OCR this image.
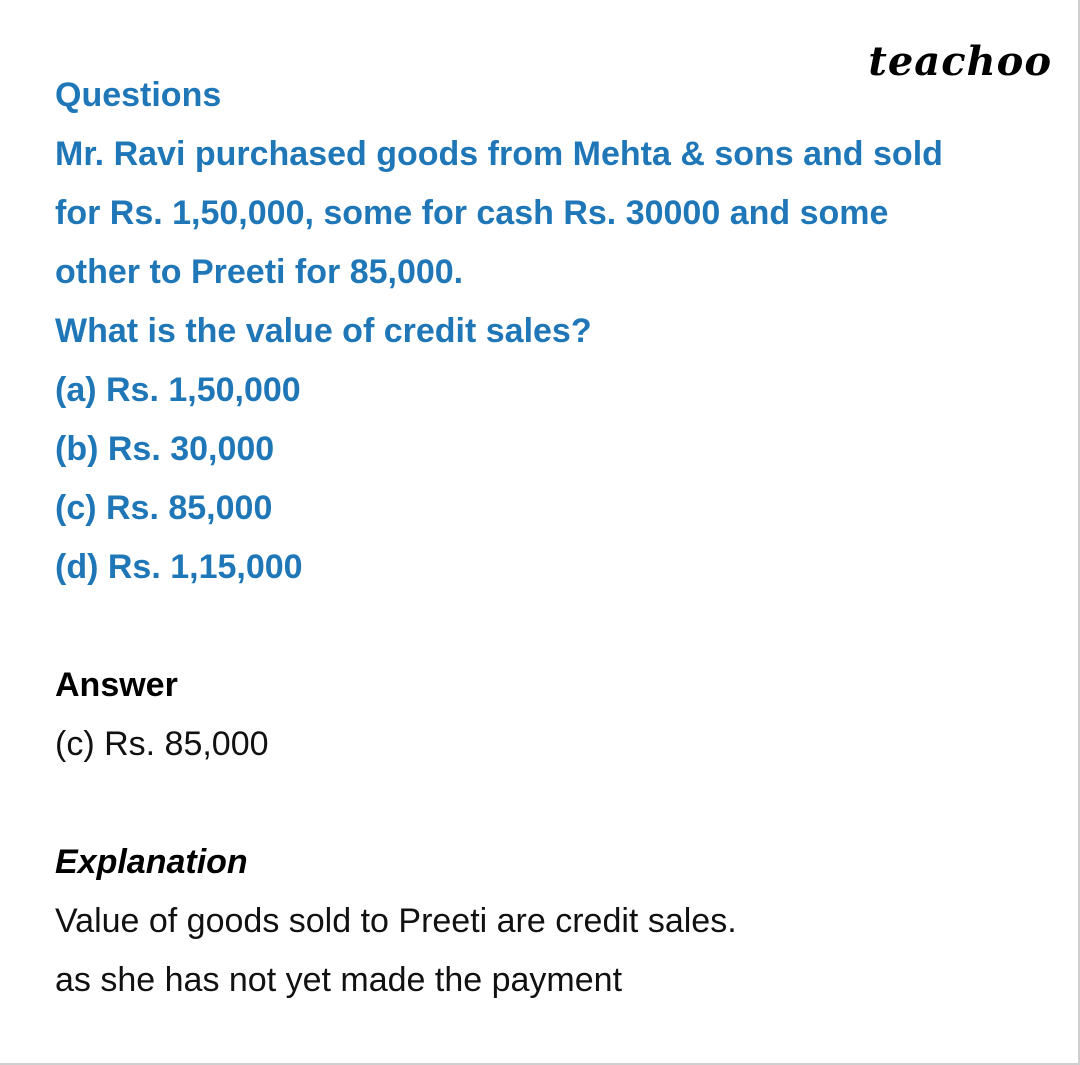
teachoo
Questions
Mr. Ravi purchased goods from Mehta & sons and sold
for Rs. 1,50,000, some for cash Rs. 30000 and some
other to Preeti for 85,000.
What is the value of credit sales?
(a) Rs. 1,50,000
(b) Rs. 30,000
(c) Rs. 85,000
(d) Rs. 1,15,000
Answer
(c) Rs. 85,000
Explanation
Value of goods sold to Preeti are credit sales.
as she has not yet made the payment
